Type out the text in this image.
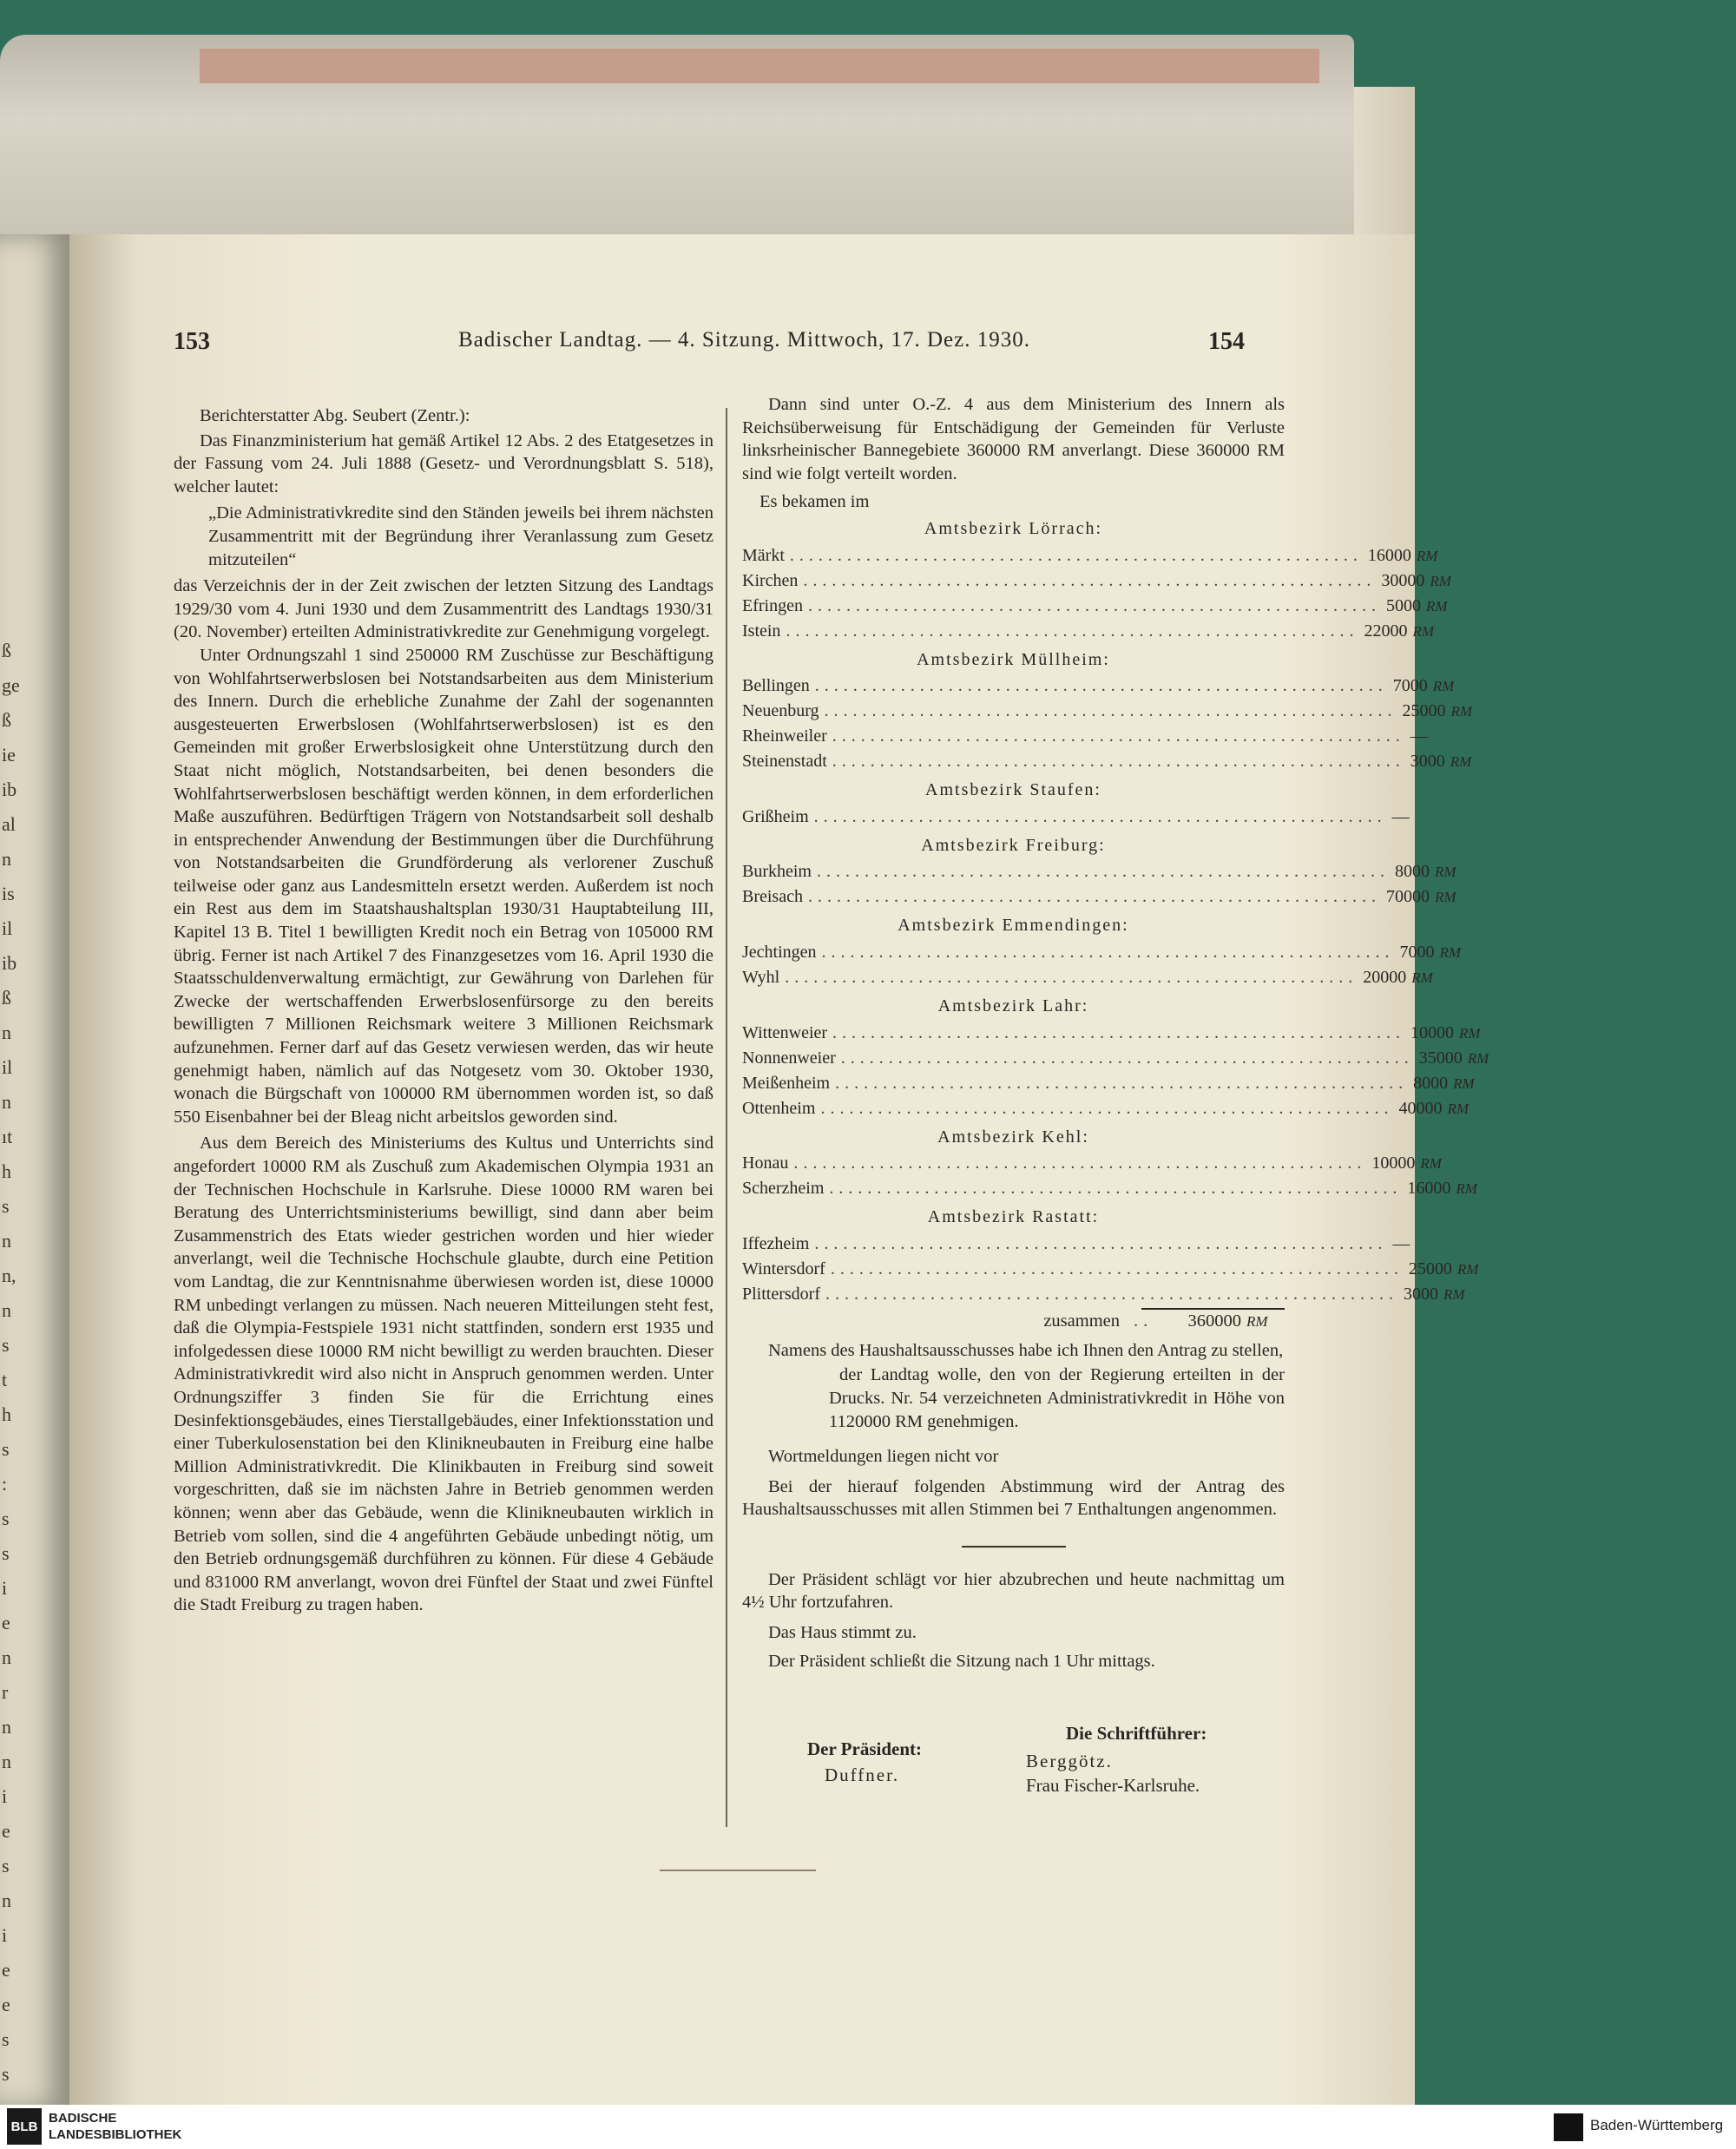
ß
ge
ß
ie
ib
al
n
is
il
ib
ß
n
il
n
ıt
h
s
n
n,
n
s
t
h
s
:
s
s
i
e
n
r
n
n
i
e
s
n
i
e
e
s
s
153	Badischer Landtag. — 4. Sitzung. Mittwoch, 17. Dez. 1930.	154

Berichterstatter Abg. Seubert (Zentr.):

Das Finanzministerium hat gemäß Artikel 12 Abs. 2 des Etatgesetzes in der Fassung vom 24. Juli 1888 (Gesetz- und Verordnungsblatt S. 518), welcher lautet:

„Die Administrativkredite sind den Ständen jeweils bei ihrem nächsten Zusammentritt mit der Begründung ihrer Veranlassung zum Gesetz mitzuteilen“

das Verzeichnis der in der Zeit zwischen der letzten Sitzung des Landtags 1929/30 vom 4. Juni 1930 und dem Zusammentritt des Landtags 1930/31 (20. November) erteilten Administrativkredite zur Genehmigung vorgelegt.

Unter Ordnungszahl 1 sind 250000 RM Zuschüsse zur Beschäftigung von Wohlfahrtserwerbslosen bei Notstandsarbeiten aus dem Ministerium des Innern. Durch die erhebliche Zunahme der Zahl der sogenannten ausgesteuerten Erwerbslosen (Wohlfahrtserwerbslosen) ist es den Gemeinden mit großer Erwerbslosigkeit ohne Unterstützung durch den Staat nicht möglich, Notstandsarbeiten, bei denen besonders die Wohlfahrtserwerbslosen beschäftigt werden können, in dem erforderlichen Maße auszuführen. Bedürftigen Trägern von Notstandsarbeit soll deshalb in entsprechender Anwendung der Bestimmungen über die Durchführung von Notstandsarbeiten die Grundförderung als verlorener Zuschuß teilweise oder ganz aus Landesmitteln ersetzt werden. Außerdem ist noch ein Rest aus dem im Staatshaushaltsplan 1930/31 Hauptabteilung III, Kapitel 13 B. Titel 1 bewilligten Kredit noch ein Betrag von 105000 RM übrig. Ferner ist nach Artikel 7 des Finanzgesetzes vom 16. April 1930 die Staatsschuldenverwaltung ermächtigt, zur Gewährung von Darlehen für Zwecke der wertschaffenden Erwerbslosenfürsorge zu den bereits bewilligten 7 Millionen Reichsmark weitere 3 Millionen Reichsmark aufzunehmen. Ferner darf auf das Gesetz verwiesen werden, das wir heute genehmigt haben, nämlich auf das Notgesetz vom 30. Oktober 1930, wonach die Bürgschaft von 100000 RM übernommen worden ist, so daß 550 Eisenbahner bei der Bleag nicht arbeitslos geworden sind.

Aus dem Bereich des Ministeriums des Kultus und Unterrichts sind angefordert 10000 RM als Zuschuß zum Akademischen Olympia 1931 an der Technischen Hochschule in Karlsruhe. Diese 10000 RM waren bei Beratung des Unterrichtsministeriums bewilligt, sind dann aber beim Zusammenstrich des Etats wieder gestrichen worden und hier wieder anverlangt, weil die Technische Hochschule glaubte, durch eine Petition vom Landtag, die zur Kenntnisnahme überwiesen worden ist, diese 10000 RM unbedingt verlangen zu müssen. Nach neueren Mitteilungen steht fest, daß die Olympia-Festspiele 1931 nicht stattfinden, sondern erst 1935 und infolgedessen diese 10000 RM nicht bewilligt zu werden brauchten. Dieser Administrativkredit wird also nicht in Anspruch genommen werden. Unter Ordnungsziffer 3 finden Sie für die Errichtung eines Desinfektionsgebäudes, eines Tierstallgebäudes, einer Infektionsstation und einer Tuberkulosenstation bei den Klinikneubauten in Freiburg eine halbe Million Administrativkredit. Die Klinikbauten in Freiburg sind soweit vorgeschritten, daß sie im nächsten Jahre in Betrieb genommen werden können; wenn aber das Gebäude, wenn die Klinikneubauten wirklich in Betrieb vom sollen, sind die 4 angeführten Gebäude unbedingt nötig, um den Betrieb ordnungsgemäß durchführen zu können. Für diese 4 Gebäude und 831000 RM anverlangt, wovon drei Fünftel der Staat und zwei Fünftel die Stadt Freiburg zu tragen haben.

Dann sind unter O.-Z. 4 aus dem Ministerium des Innern als Reichsüberweisung für Entschädigung der Gemeinden für Verluste linksrheinischer Bannegebiete 360000 RM anverlangt. Diese 360000 RM sind wie folgt verteilt worden.

Es bekamen im

Amtsbezirk Lörrach:

Märkt ............................................................ 16000 RM
Kirchen ............................................................ 30000 RM
Efringen ............................................................ 5000 RM
Istein ............................................................ 22000 RM

Amtsbezirk Müllheim:

Bellingen ............................................................ 7000 RM
Neuenburg ............................................................ 25000 RM
Rheinweiler ............................................................ —
Steinenstadt ............................................................ 3000 RM

Amtsbezirk Staufen:

Grißheim ............................................................ —

Amtsbezirk Freiburg:

Burkheim ............................................................ 8000 RM
Breisach ............................................................ 70000 RM

Amtsbezirk Emmendingen:

Jechtingen ............................................................ 7000 RM
Wyhl ............................................................ 20000 RM

Amtsbezirk Lahr:

Wittenweier ............................................................ 10000 RM
Nonnenweier ............................................................ 35000 RM
Meißenheim ............................................................ 8000 RM
Ottenheim ............................................................ 40000 RM

Amtsbezirk Kehl:

Honau ............................................................ 10000 RM
Scherzheim ............................................................ 16000 RM

Amtsbezirk Rastatt:

Iffezheim ............................................................ —
Wintersdorf ............................................................ 25000 RM
Plittersdorf ............................................................ 3000 RM
zusammen ..	360000 RM

Namens des Haushaltsausschusses habe ich Ihnen den Antrag zu stellen,

der Landtag wolle, den von der Regierung erteilten in der Drucks. Nr. 54 verzeichneten Administrativkredit in Höhe von 1120000 RM genehmigen.

Wortmeldungen liegen nicht vor

Bei der hierauf folgenden Abstimmung wird der Antrag des Haushaltsausschusses mit allen Stimmen bei 7 Enthaltungen angenommen.

Der Präsident schlägt vor hier abzubrechen und heute nachmittag um 4½ Uhr fortzufahren.

Das Haus stimmt zu.

Der Präsident schließt die Sitzung nach 1 Uhr mittags.

Der Präsident:
Duffner.
Die Schriftführer:
Berggötz.
Frau Fischer-Karlsruhe.
BLB
BADISCHE
LANDESBIBLIOTHEK
Baden-Württemberg
